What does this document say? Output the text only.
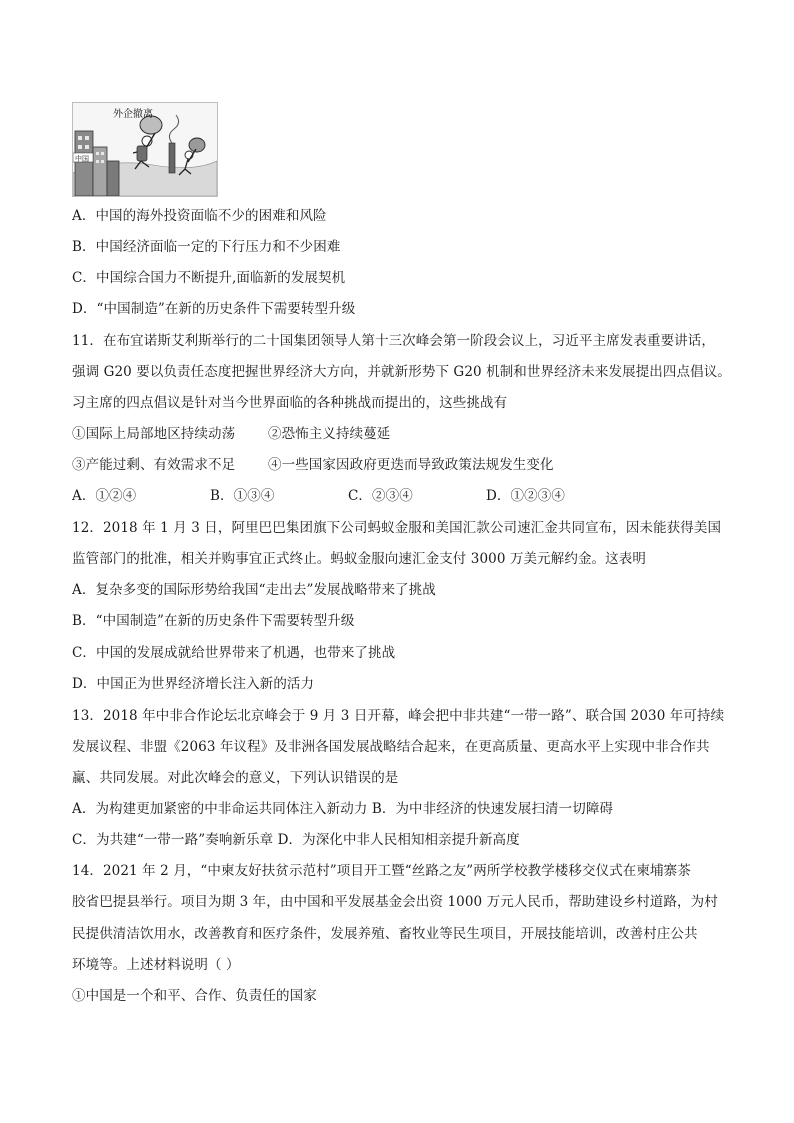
外企撤离
中国
A．中国的海外投资面临不少的困难和风险
B．中国经济面临一定的下行压力和不少困难
C．中国综合国力不断提升,面临新的发展契机
D．“中国制造”在新的历史条件下需要转型升级
11．在布宜诺斯艾利斯举行的二十国集团领导人第十三次峰会第一阶段会议上，习近平主席发表重要讲话，
强调 G20 要以负责任态度把握世界经济大方向，并就新形势下 G20 机制和世界经济未来发展提出四点倡议。
习主席的四点倡议是针对当今世界面临的各种挑战而提出的，这些挑战有
①国际上局部地区持续动荡 ②恐怖主义持续蔓延
③产能过剩、有效需求不足 ④一些国家因政府更迭而导致政策法规发生变化
A．①②④	B．①③④	C．②③④	D．①②③④
12．2018 年 1 月 3 日，阿里巴巴集团旗下公司蚂蚁金服和美国汇款公司速汇金共同宣布，因未能获得美国
监管部门的批准，相关并购事宜正式终止。蚂蚁金服向速汇金支付 3000 万美元解约金。这表明
A．复杂多变的国际形势给我国“走出去”发展战略带来了挑战
B．“中国制造”在新的历史条件下需要转型升级
C．中国的发展成就给世界带来了机遇，也带来了挑战
D．中国正为世界经济增长注入新的活力
13．2018 年中非合作论坛北京峰会于 9 月 3 日开幕，峰会把中非共建“一带一路”、联合国 2030 年可持续
发展议程、非盟《2063 年议程》及非洲各国发展战略结合起来，在更高质量、更高水平上实现中非合作共
赢、共同发展。对此次峰会的意义，下列认识错误的是
A．为构建更加紧密的中非命运共同体注入新动力 B．为中非经济的快速发展扫清一切障碍
C．为共建“一带一路”奏响新乐章 D．为深化中非人民相知相亲提升新高度
14．2021 年 2 月，“中柬友好扶贫示范村”项目开工暨“丝路之友”两所学校教学楼移交仪式在柬埔寨茶
胶省巴提县举行。项目为期 3 年，由中国和平发展基金会出资 1000 万元人民币，帮助建设乡村道路，为村
民提供清洁饮用水，改善教育和医疗条件，发展养殖、畜牧业等民生项目，开展技能培训，改善村庄公共
环境等。上述材料说明（ ）
①中国是一个和平、合作、负责任的国家
